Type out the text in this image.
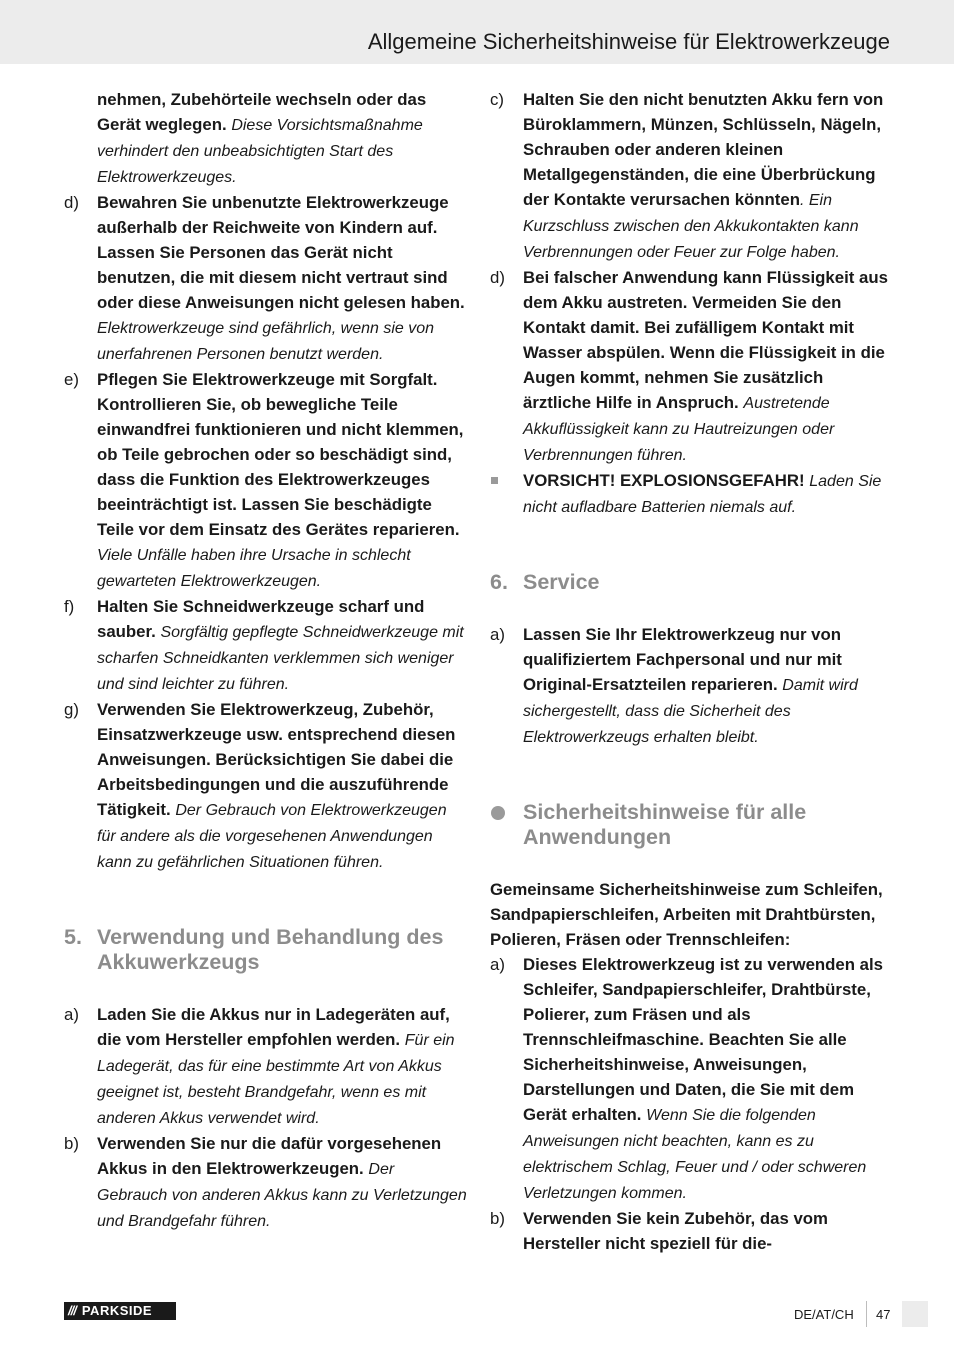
Allgemeine Sicherheitshinweise für Elektrowerkzeuge
nehmen, Zubehörteile wechseln oder das Gerät weglegen. Diese Vorsichtsmaßnahme verhindert den unbeabsichtigten Start des Elektrowerkzeuges.
d) Bewahren Sie unbenutzte Elektrowerkzeuge außerhalb der Reichweite von Kindern auf. Lassen Sie Personen das Gerät nicht benutzen, die mit diesem nicht vertraut sind oder diese Anweisungen nicht gelesen haben. Elektrowerkzeuge sind gefährlich, wenn sie von unerfahrenen Personen benutzt werden.
e) Pflegen Sie Elektrowerkzeuge mit Sorgfalt. Kontrollieren Sie, ob bewegliche Teile einwandfrei funktionieren und nicht klemmen, ob Teile gebrochen oder so beschädigt sind, dass die Funktion des Elektrowerkzeuges beeinträchtigt ist. Lassen Sie beschädigte Teile vor dem Einsatz des Gerätes reparieren. Viele Unfälle haben ihre Ursache in schlecht gewarteten Elektrowerkzeugen.
f) Halten Sie Schneidwerkzeuge scharf und sauber. Sorgfältig gepflegte Schneidwerkzeuge mit scharfen Schneidkanten verklemmen sich weniger und sind leichter zu führen.
g) Verwenden Sie Elektrowerkzeug, Zubehör, Einsatzwerkzeuge usw. entsprechend diesen Anweisungen. Berücksichtigen Sie dabei die Arbeitsbedingungen und die auszuführende Tätigkeit. Der Gebrauch von Elektrowerkzeugen für andere als die vorgesehenen Anwendungen kann zu gefährlichen Situationen führen.
5. Verwendung und Behandlung des Akkuwerkzeugs
a) Laden Sie die Akkus nur in Ladegeräten auf, die vom Hersteller empfohlen werden. Für ein Ladegerät, das für eine bestimmte Art von Akkus geeignet ist, besteht Brandgefahr, wenn es mit anderen Akkus verwendet wird.
b) Verwenden Sie nur die dafür vorgesehenen Akkus in den Elektrowerkzeugen. Der Gebrauch von anderen Akkus kann zu Verletzungen und Brandgefahr führen.
c) Halten Sie den nicht benutzten Akku fern von Büroklammern, Münzen, Schlüsseln, Nägeln, Schrauben oder anderen kleinen Metallgegenständen, die eine Überbrückung der Kontakte verursachen könnten. Ein Kurzschluss zwischen den Akkukontakten kann Verbrennungen oder Feuer zur Folge haben.
d) Bei falscher Anwendung kann Flüssigkeit aus dem Akku austreten. Vermeiden Sie den Kontakt damit. Bei zufälligem Kontakt mit Wasser abspülen. Wenn die Flüssigkeit in die Augen kommt, nehmen Sie zusätzlich ärztliche Hilfe in Anspruch. Austretende Akkuflüssigkeit kann zu Hautreizungen oder Verbrennungen führen.
VORSICHT! EXPLOSIONSGEFAHR! Laden Sie nicht aufladbare Batterien niemals auf.
6. Service
a) Lassen Sie Ihr Elektrowerkzeug nur von qualifiziertem Fachpersonal und nur mit Original-Ersatzteilen reparieren. Damit wird sichergestellt, dass die Sicherheit des Elektrowerkzeugs erhalten bleibt.
Sicherheitshinweise für alle Anwendungen
Gemeinsame Sicherheitshinweise zum Schleifen, Sandpapierschleifen, Arbeiten mit Drahtbürsten, Polieren, Fräsen oder Trennschleifen:
a) Dieses Elektrowerkzeug ist zu verwenden als Schleifer, Sandpapierschleifer, Drahtbürste, Polierer, zum Fräsen und als Trennschleifmaschine. Beachten Sie alle Sicherheitshinweise, Anweisungen, Darstellungen und Daten, die Sie mit dem Gerät erhalten. Wenn Sie die folgenden Anweisungen nicht beachten, kann es zu elektrischem Schlag, Feuer und / oder schweren Verletzungen kommen.
b) Verwenden Sie kein Zubehör, das vom Hersteller nicht speziell für die-
/// PARKSIDE	DE/AT/CH 47
